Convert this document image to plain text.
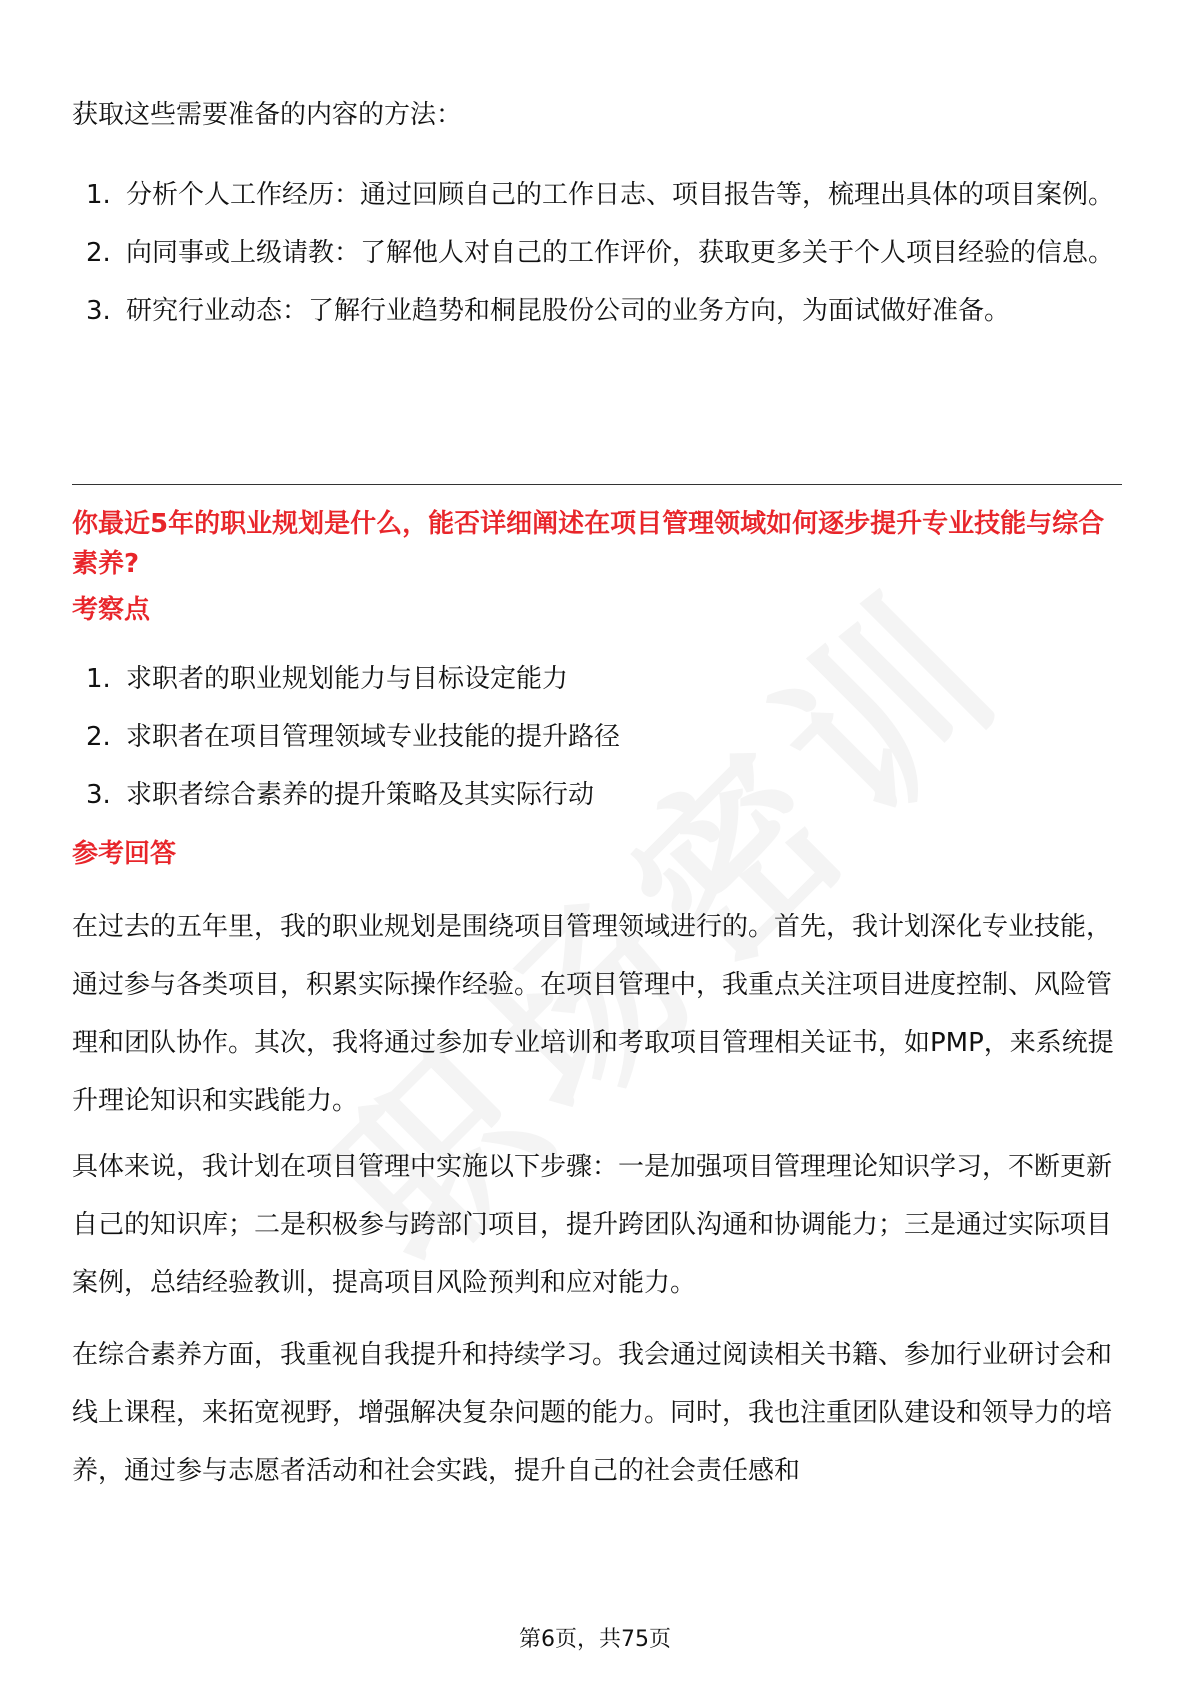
获取这些需要准备的内容的方法：
1. 分析个人工作经历：通过回顾自己的工作日志、项目报告等，梳理出具体的项目案例。
2. 向同事或上级请教：了解他人对自己的工作评价，获取更多关于个人项目经验的信息。
3. 研究行业动态：了解行业趋势和桐昆股份公司的业务方向，为面试做好准备。
你最近5年的职业规划是什么，能否详细阐述在项目管理领域如何逐步提升专业技能与综合素养?
考察点
1. 求职者的职业规划能力与目标设定能力
2. 求职者在项目管理领域专业技能的提升路径
3. 求职者综合素养的提升策略及其实际行动
参考回答
在过去的五年里，我的职业规划是围绕项目管理领域进行的。首先，我计划深化专业技能，通过参与各类项目，积累实际操作经验。在项目管理中，我重点关注项目进度控制、风险管理和团队协作。其次，我将通过参加专业培训和考取项目管理相关证书，如PMP，来系统提升理论知识和实践能力。
具体来说，我计划在项目管理中实施以下步骤：一是加强项目管理理论知识学习，不断更新自己的知识库；二是积极参与跨部门项目，提升跨团队沟通和协调能力；三是通过实际项目案例，总结经验教训，提高项目风险预判和应对能力。
在综合素养方面，我重视自我提升和持续学习。我会通过阅读相关书籍、参加行业研讨会和线上课程，来拓宽视野，增强解决复杂问题的能力。同时，我也注重团队建设和领导力的培养，通过参与志愿者活动和社会实践，提升自己的社会责任感和
第6页，共75页
